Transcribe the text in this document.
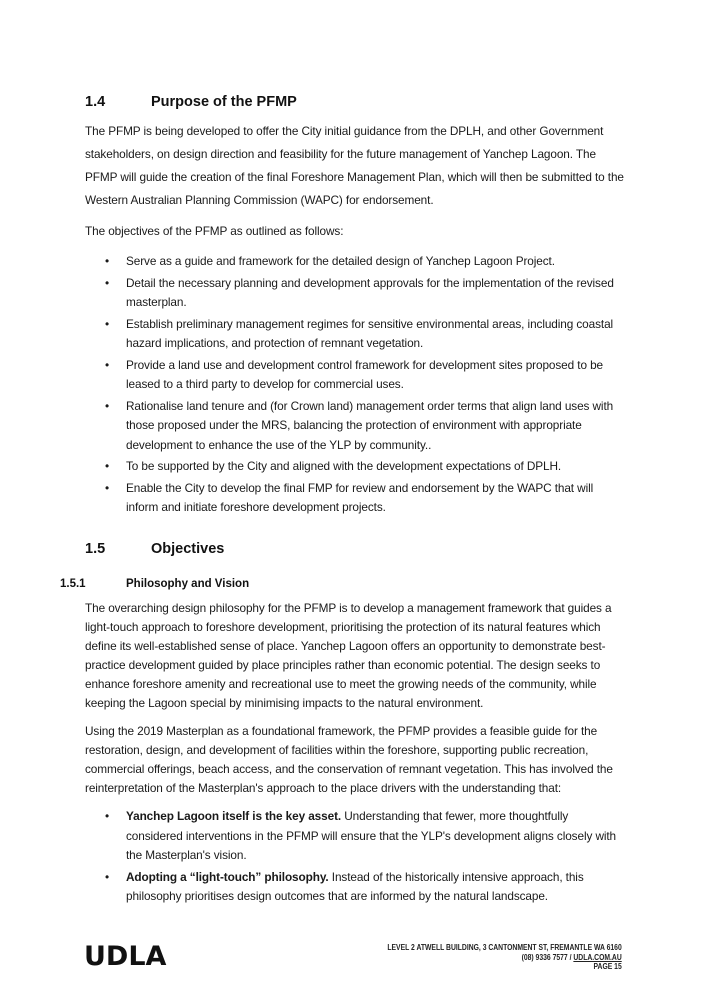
1.4	Purpose of the PFMP
The PFMP is being developed to offer the City initial guidance from the DPLH, and other Government stakeholders, on design direction and feasibility for the future management of Yanchep Lagoon. The PFMP will guide the creation of the final Foreshore Management Plan, which will then be submitted to the Western Australian Planning Commission (WAPC) for endorsement.
The objectives of the PFMP as outlined as follows:
• Serve as a guide and framework for the detailed design of Yanchep Lagoon Project.
• Detail the necessary planning and development approvals for the implementation of the revised masterplan.
• Establish preliminary management regimes for sensitive environmental areas, including coastal hazard implications, and protection of remnant vegetation.
• Provide a land use and development control framework for development sites proposed to be leased to a third party to develop for commercial uses.
• Rationalise land tenure and (for Crown land) management order terms that align land uses with those proposed under the MRS, balancing the protection of environment with appropriate development to enhance the use of the YLP by community..
• To be supported by the City and aligned with the development expectations of DPLH.
• Enable the City to develop the final FMP for review and endorsement by the WAPC that will inform and initiate foreshore development projects.
1.5	Objectives
1.5.1	Philosophy and Vision
The overarching design philosophy for the PFMP is to develop a management framework that guides a light-touch approach to foreshore development, prioritising the protection of its natural features which define its well-established sense of place. Yanchep Lagoon offers an opportunity to demonstrate best-practice development guided by place principles rather than economic potential. The design seeks to enhance foreshore amenity and recreational use to meet the growing needs of the community, while keeping the Lagoon special by minimising impacts to the natural environment.
Using the 2019 Masterplan as a foundational framework, the PFMP provides a feasible guide for the restoration, design, and development of facilities within the foreshore, supporting public recreation, commercial offerings, beach access, and the conservation of remnant vegetation. This has involved the reinterpretation of the Masterplan's approach to the place drivers with the understanding that:
• Yanchep Lagoon itself is the key asset. Understanding that fewer, more thoughtfully considered interventions in the PFMP will ensure that the YLP's development aligns closely with the Masterplan's vision.
• Adopting a “light-touch” philosophy. Instead of the historically intensive approach, this philosophy prioritises design outcomes that are informed by the natural landscape.
UDLA	LEVEL 2 ATWELL BUILDING, 3 CANTONMENT ST, FREMANTLE WA 6160
(08) 9336 7577 / UDLA.COM.AU
PAGE 15
